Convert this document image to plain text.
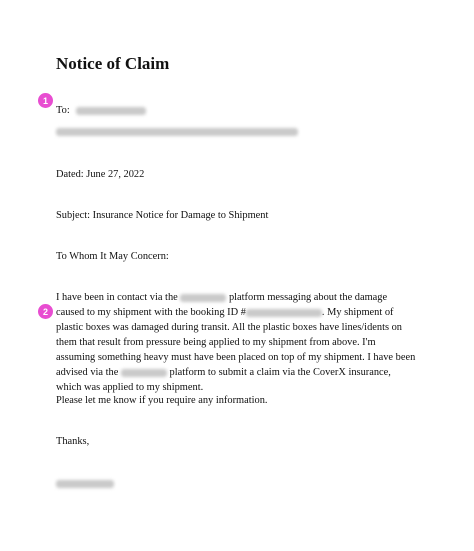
Notice of Claim
1
To:
Dated: June 27, 2022
Subject: Insurance Notice for Damage to Shipment
To Whom It May Concern:
2
I have been in contact via the	platform messaging about the damage caused to my shipment with the booking ID #	. My shipment of plastic boxes was damaged during transit. All the plastic boxes have lines/idents on them that result from pressure being applied to my shipment from above. I'm assuming something heavy must have been placed on top of my shipment. I have been advised via the	platform to submit a claim via the CoverX insurance, which was applied to my shipment.
Please let me know if you require any information.
Thanks,
